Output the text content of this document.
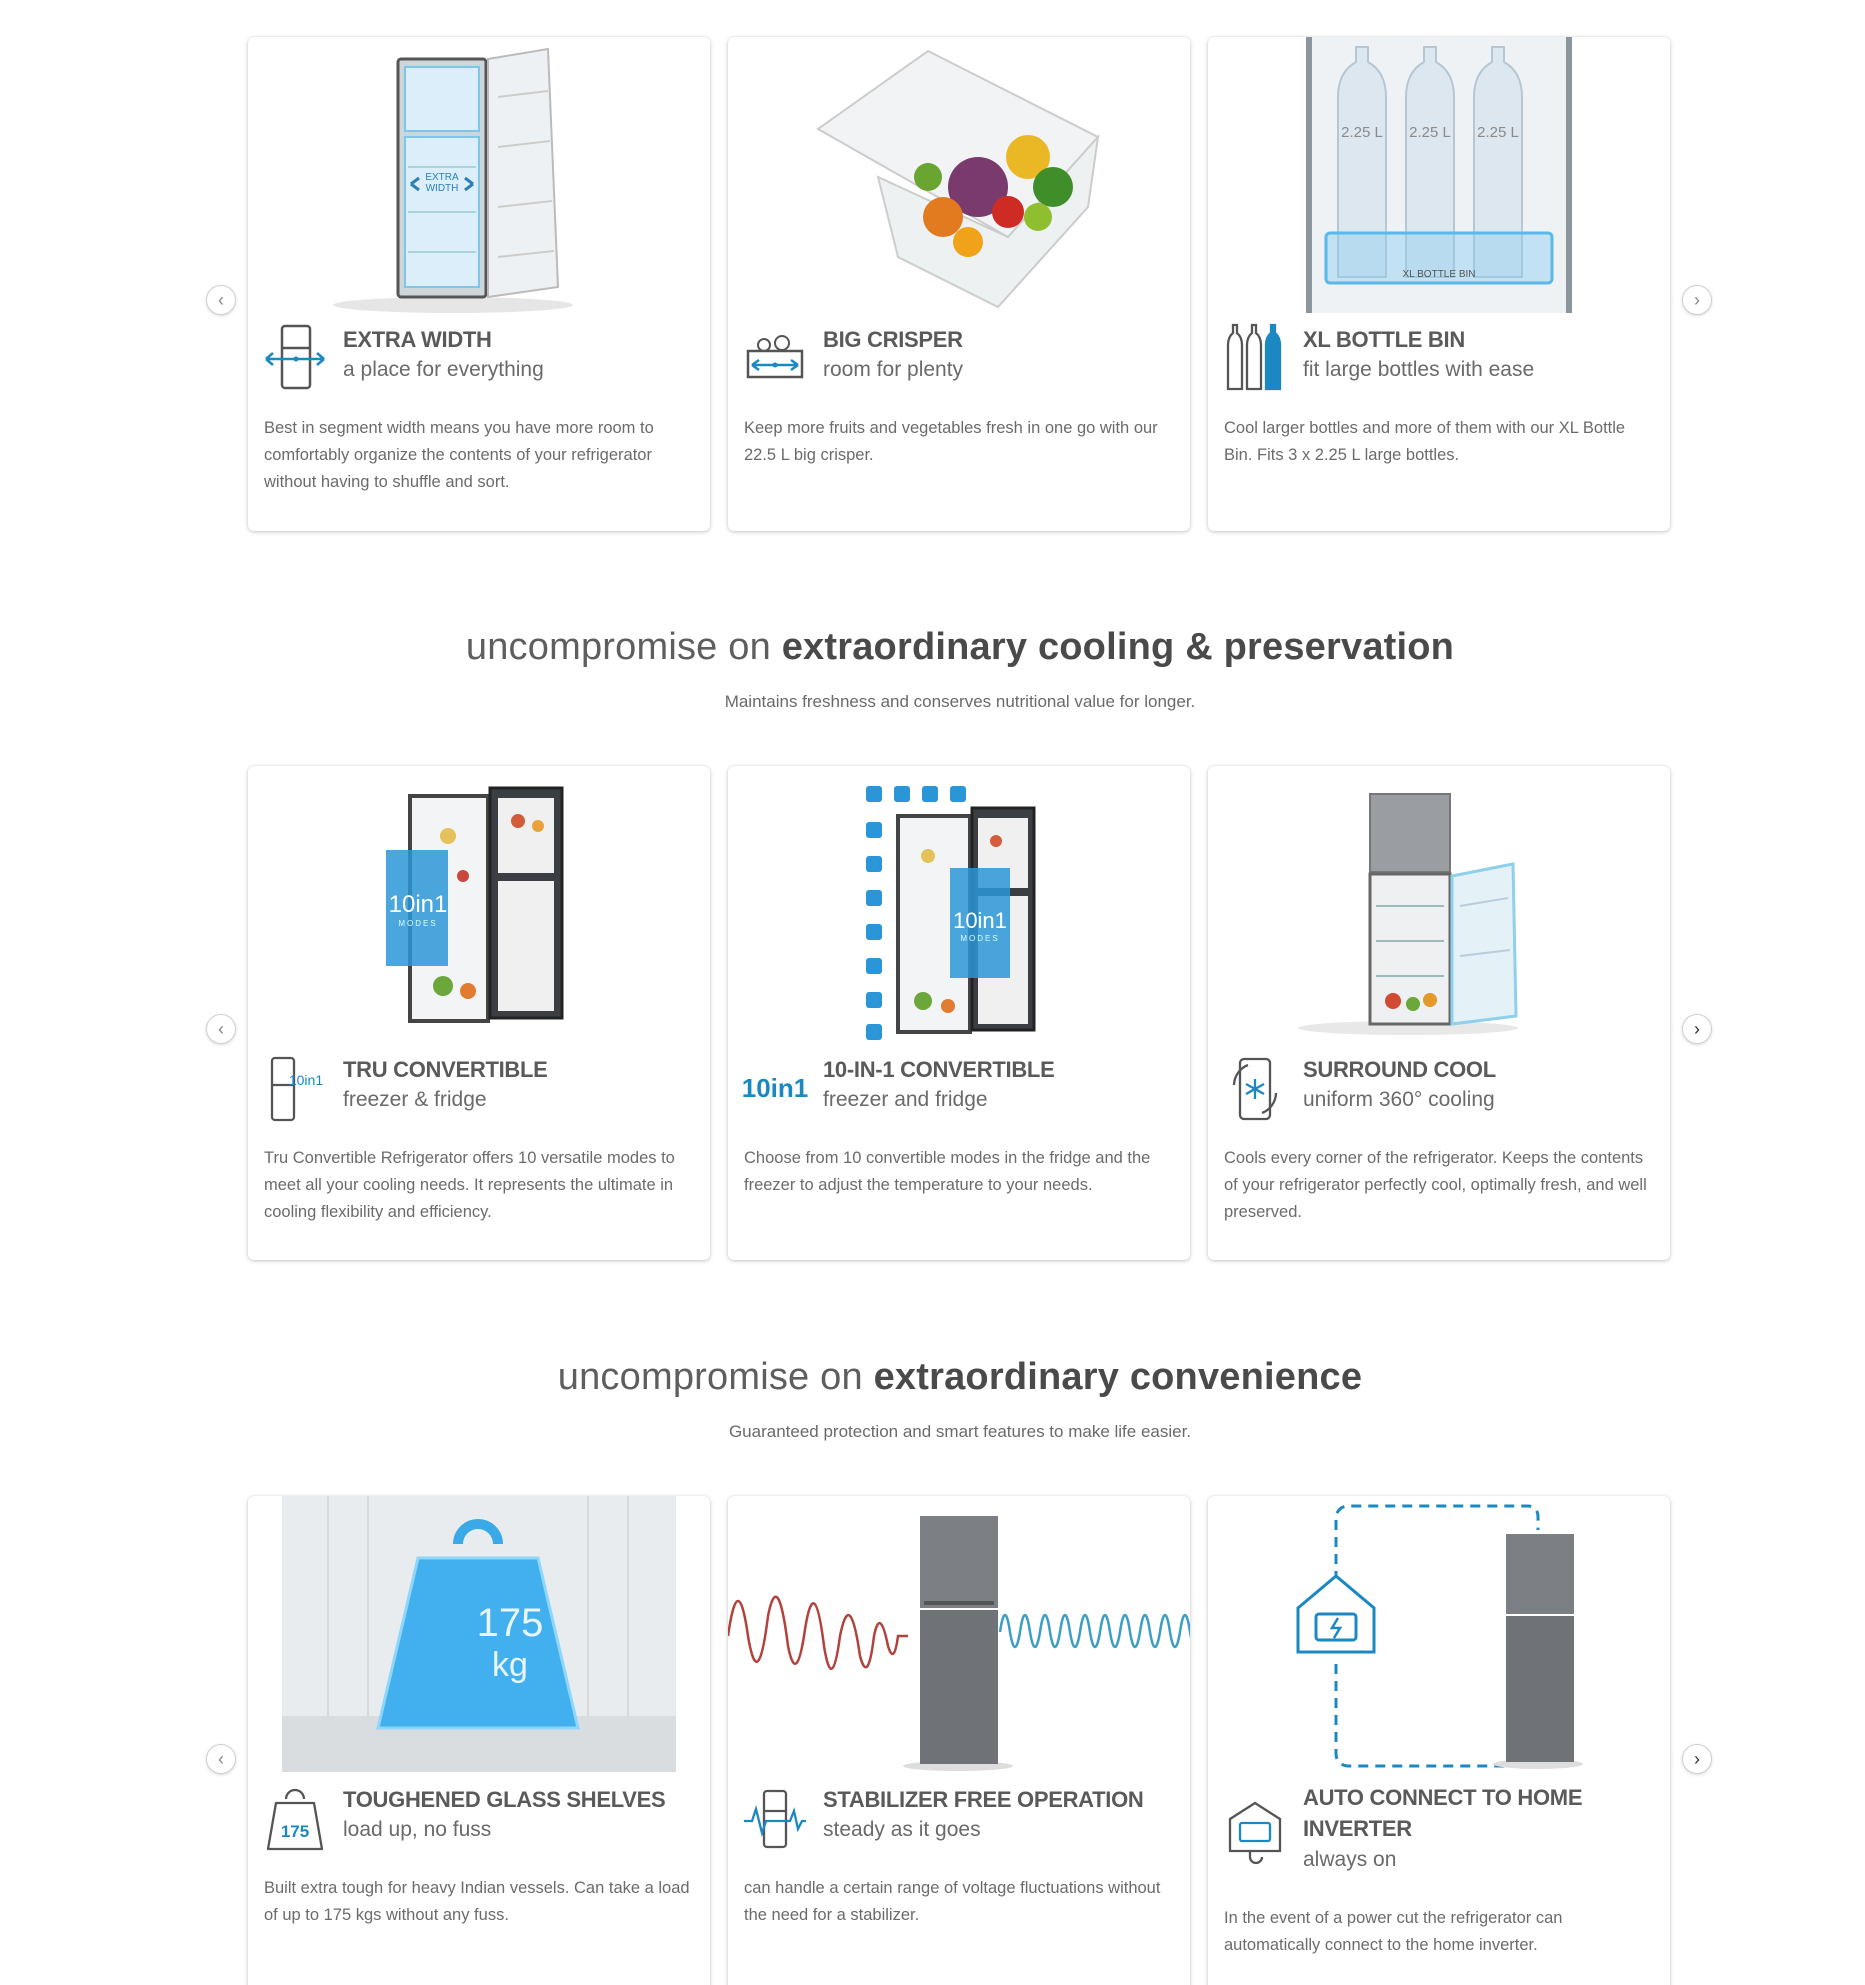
‹	›
EXTRA
WIDTH
EXTRA WIDTH
a place for everything
Best in segment width means you have more room to comfortably organize the contents of your refrigerator without having to shuffle and sort.
BIG CRISPER
room for plenty
Keep more fruits and vegetables fresh in one go with our 22.5 L big crisper.
2.25 L 2.25 L 2.25 L
XL BOTTLE BIN
XL BOTTLE BIN
fit large bottles with ease
Cool larger bottles and more of them with our XL Bottle Bin. Fits 3 x 2.25 L large bottles.
uncompromise on extraordinary cooling & preservation
Maintains freshness and conserves nutritional value for longer.
‹	›
10in1
MODES
10in1 TRU CONVERTIBLE
freezer & fridge
Tru Convertible Refrigerator offers 10 versatile modes to meet all your cooling needs. It represents the ultimate in cooling flexibility and efficiency.
10in1
MODES
10in1
10-IN-1 CONVERTIBLE
freezer and fridge
Choose from 10 convertible modes in the fridge and the freezer to adjust the temperature to your needs.
SURROUND COOL
uniform 360° cooling
Cools every corner of the refrigerator. Keeps the contents of your refrigerator perfectly cool, optimally fresh, and well preserved.
uncompromise on extraordinary convenience
Guaranteed protection and smart features to make life easier.
‹	›
175
kg
175
TOUGHENED GLASS SHELVES
load up, no fuss
Built extra tough for heavy Indian vessels. Can take a load of up to 175 kgs without any fuss.
STABILIZER FREE OPERATION
steady as it goes
can handle a certain range of voltage fluctuations without the need for a stabilizer.
AUTO CONNECT TO HOME INVERTER
always on
In the event of a power cut the refrigerator can automatically connect to the home inverter.
